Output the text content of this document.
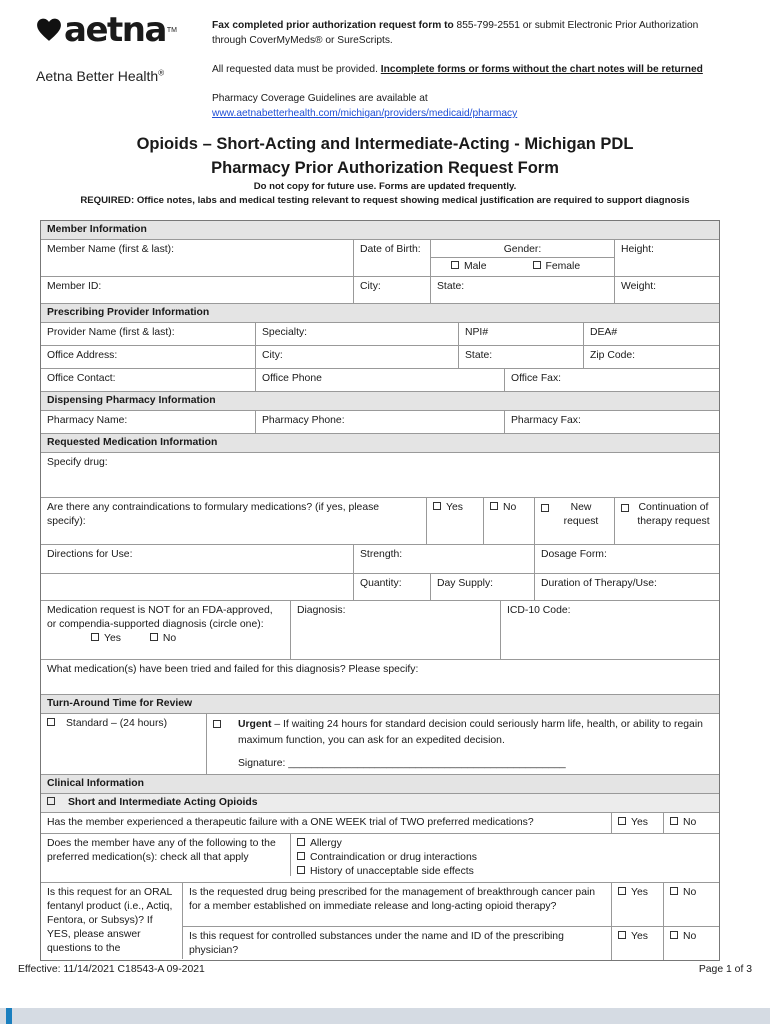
aetna TM
Aetna Better Health®
Fax completed prior authorization request form to 855-799-2551 or submit Electronic Prior Authorization
through CoverMyMeds® or SureScripts.
All requested data must be provided. Incomplete forms or forms without the chart notes will be returned
Pharmacy Coverage Guidelines are available at
www.aetnabetterhealth.com/michigan/providers/medicaid/pharmacy
Opioids – Short-Acting and Intermediate-Acting - Michigan PDL
Pharmacy Prior Authorization Request Form
Do not copy for future use. Forms are updated frequently.
REQUIRED: Office notes, labs and medical testing relevant to request showing medical justification are required to support diagnosis
Member Information
Member Name (first & last):	Date of Birth:	Gender:
Male	Female
Height:
Member ID:	City:	State:	Weight:
Prescribing Provider Information
Provider Name (first & last):	Specialty:	NPI#	DEA#
Office Address:	City:	State:	Zip Code:
Office Contact:	Office Phone	Office Fax:
Dispensing Pharmacy Information
Pharmacy Name:	Pharmacy Phone:	Pharmacy Fax:
Requested Medication Information
Specify drug:
Are there any contraindications to formulary medications? (if yes, please specify):
Yes	No	New request
Continuation of therapy request
Directions for Use:	Strength:	Dosage Form:
Quantity:	Day Supply:	Duration of Therapy/Use:
Medication request is NOT for an FDA-approved, or compendia-supported diagnosis (circle one):
Yes	No
Diagnosis:	ICD-10 Code:
What medication(s) have been tried and failed for this diagnosis? Please specify:
Turn-Around Time for Review
Standard – (24 hours)	Urgent – If waiting 24 hours for standard decision could seriously harm life, health, or ability to regain maximum function, you can ask for an expedited decision.
Signature: ________________________________________________
Clinical Information
Short and Intermediate Acting Opioids
Has the member experienced a therapeutic failure with a ONE WEEK trial of TWO preferred medications?	Yes	No
Does the member have any of the following to the preferred medication(s): check all that apply
Allergy
Contraindication or drug interactions
History of unacceptable side effects
Is this request for an ORAL fentanyl product (i.e., Actiq, Fentora, or Subsys)? If YES, please answer questions to the
Is the requested drug being prescribed for the management of breakthrough cancer pain for a member established on immediate release and long-acting opioid therapy?
Yes	No
Is this request for controlled substances under the name and ID of the prescribing physician?
Yes	No
Effective: 11/14/2021 C18543-A 09-2021	Page 1 of 3
